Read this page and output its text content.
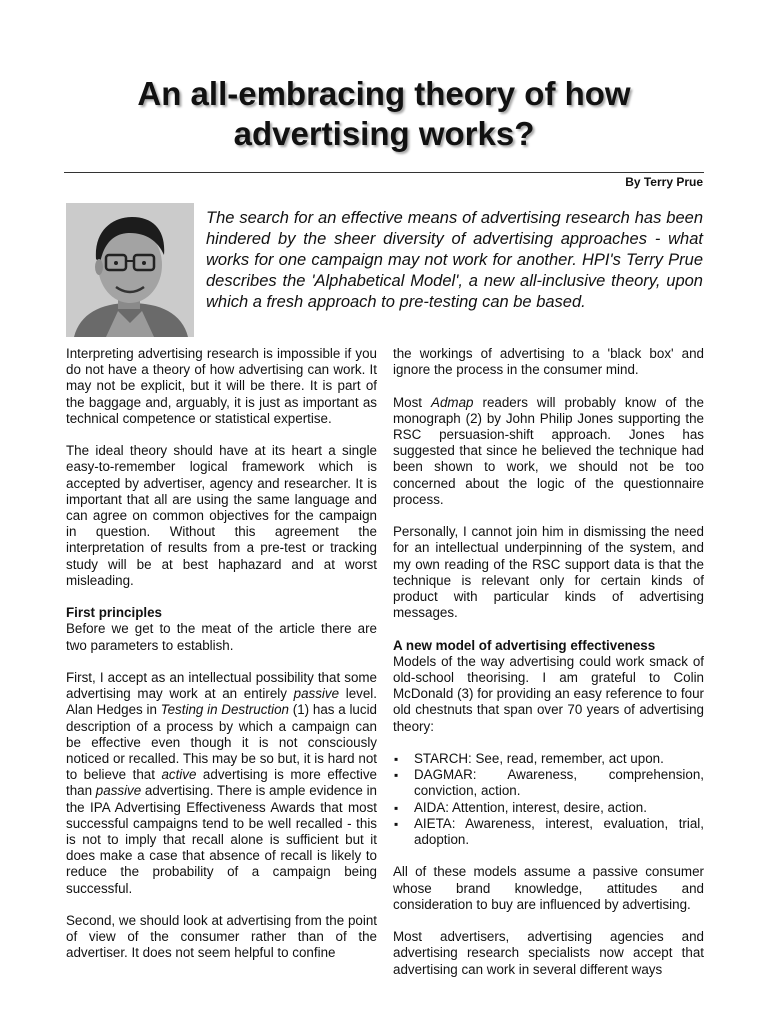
An all-embracing theory of how advertising works?
By Terry Prue
The search for an effective means of advertising research has been hindered by the sheer diversity of advertising approaches - what works for one campaign may not work for another. HPI's Terry Prue describes the 'Alphabetical Model', a new all-inclusive theory, upon which a fresh approach to pre-testing can be based.

Interpreting advertising research is impossible if you do not have a theory of how advertising can work. It may not be explicit, but it will be there. It is part of the baggage and, arguably, it is just as important as technical competence or statistical expertise.

The ideal theory should have at its heart a single easy-to-remember logical framework which is accepted by advertiser, agency and researcher. It is important that all are using the same language and can agree on common objectives for the campaign in question. Without this agreement the interpretation of results from a pre-test or tracking study will be at best haphazard and at worst misleading.

First principles

Before we get to the meat of the article there are two parameters to establish.

First, I accept as an intellectual possibility that some advertising may work at an entirely passive level. Alan Hedges in Testing in Destruction (1) has a lucid description of a process by which a campaign can be effective even though it is not consciously noticed or recalled. This may be so but, it is hard not to believe that active advertising is more effective than passive advertising. There is ample evidence in the IPA Advertising Effectiveness Awards that most successful campaigns tend to be well recalled - this is not to imply that recall alone is sufficient but it does make a case that absence of recall is likely to reduce the probability of a campaign being successful.

Second, we should look at advertising from the point of view of the consumer rather than of the advertiser. It does not seem helpful to confine

the workings of advertising to a 'black box' and ignore the process in the consumer mind.

Most Admap readers will probably know of the monograph (2) by John Philip Jones supporting the RSC persuasion-shift approach. Jones has suggested that since he believed the technique had been shown to work, we should not be too concerned about the logic of the questionnaire process.

Personally, I cannot join him in dismissing the need for an intellectual underpinning of the system, and my own reading of the RSC support data is that the technique is relevant only for certain kinds of product with particular kinds of advertising messages.

A new model of advertising effectiveness

Models of the way advertising could work smack of old-school theorising. I am grateful to Colin McDonald (3) for providing an easy reference to four old chestnuts that span over 70 years of advertising theory:

▪ STARCH: See, read, remember, act upon.
▪ DAGMAR: Awareness, comprehension, conviction, action.
▪ AIDA: Attention, interest, desire, action.
▪ AIETA: Awareness, interest, evaluation, trial, adoption.

All of these models assume a passive consumer whose brand knowledge, attitudes and consideration to buy are influenced by advertising.

Most advertisers, advertising agencies and advertising research specialists now accept that advertising can work in several different ways
